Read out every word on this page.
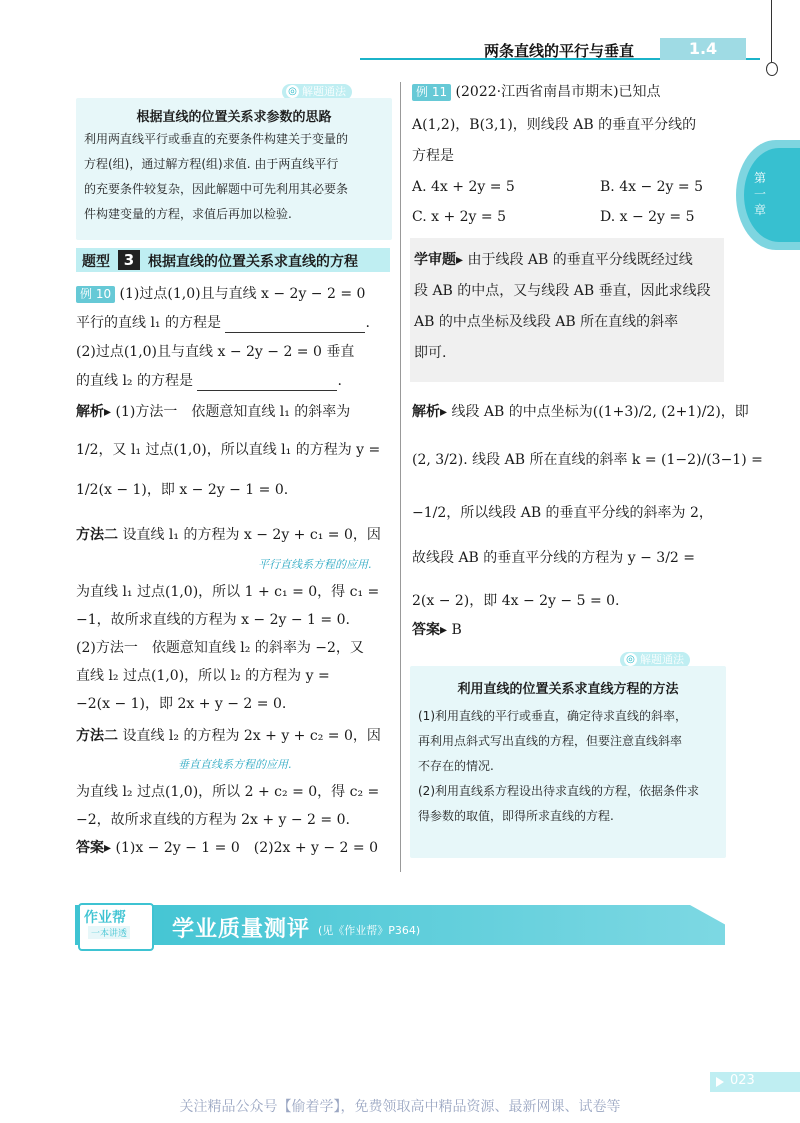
两条直线的平行与垂直	1.4
第一章
◎ 解题通法
根据直线的位置关系求参数的思路
利用两直线平行或垂直的充要条件构建关于变量的
方程(组)，通过解方程(组)求值. 由于两直线平行
的充要条件较复杂，因此解题中可先利用其必要条
件构建变量的方程，求值后再加以检验.
题型 3 根据直线的位置关系求直线的方程
例 10 (1)过点(1,0)且与直线 x − 2y − 2 = 0
平行的直线 l₁ 的方程是	.
(2)过点(1,0)且与直线 x − 2y − 2 = 0 垂直
的直线 l₂ 的方程是	.
解析▸ (1)方法一　依题意知直线 l₁ 的斜率为
1/2，又 l₁ 过点(1,0)，所以直线 l₁ 的方程为 y =
1/2(x − 1)，即 x − 2y − 1 = 0.
方法二 设直线 l₁ 的方程为 x − 2y + c₁ = 0，因
平行直线系方程的应用.
为直线 l₁ 过点(1,0)，所以 1 + c₁ = 0，得 c₁ =
−1，故所求直线的方程为 x − 2y − 1 = 0.
(2)方法一　依题意知直线 l₂ 的斜率为 −2，又
直线 l₂ 过点(1,0)，所以 l₂ 的方程为 y =
−2(x − 1)，即 2x + y − 2 = 0.
方法二 设直线 l₂ 的方程为 2x + y + c₂ = 0，因
垂直直线系方程的应用.
为直线 l₂ 过点(1,0)，所以 2 + c₂ = 0，得 c₂ =
−2，故所求直线的方程为 2x + y − 2 = 0.
答案▸ (1)x − 2y − 1 = 0　(2)2x + y − 2 = 0
例 11 (2022·江西省南昌市期末)已知点
A(1,2)，B(3,1)，则线段 AB 的垂直平分线的
方程是
A. 4x + 2y = 5	B. 4x − 2y = 5
C. x + 2y = 5	D. x − 2y = 5
学审题▸ 由于线段 AB 的垂直平分线既经过线
段 AB 的中点，又与线段 AB 垂直，因此求线段
AB 的中点坐标及线段 AB 所在直线的斜率
即可.
解析▸ 线段 AB 的中点坐标为((1+3)/2, (2+1)/2)，即
(2, 3/2). 线段 AB 所在直线的斜率 k = (1−2)/(3−1) =
−1/2，所以线段 AB 的垂直平分线的斜率为 2，
故线段 AB 的垂直平分线的方程为 y − 3/2 =
2(x − 2)，即 4x − 2y − 5 = 0.
答案▸ B
◎ 解题通法
利用直线的位置关系求直线方程的方法
(1)利用直线的平行或垂直，确定待求直线的斜率，
再利用点斜式写出直线的方程，但要注意直线斜率
不存在的情况.
(2)利用直线系方程设出待求直线的方程，依据条件求
得参数的取值，即得所求直线的方程.
作业帮
一本讲透 学业质量测评 (见《作业帮》P364)
023
关注精品公众号【偷着学】，免费领取高中精品资源、最新网课、试卷等
